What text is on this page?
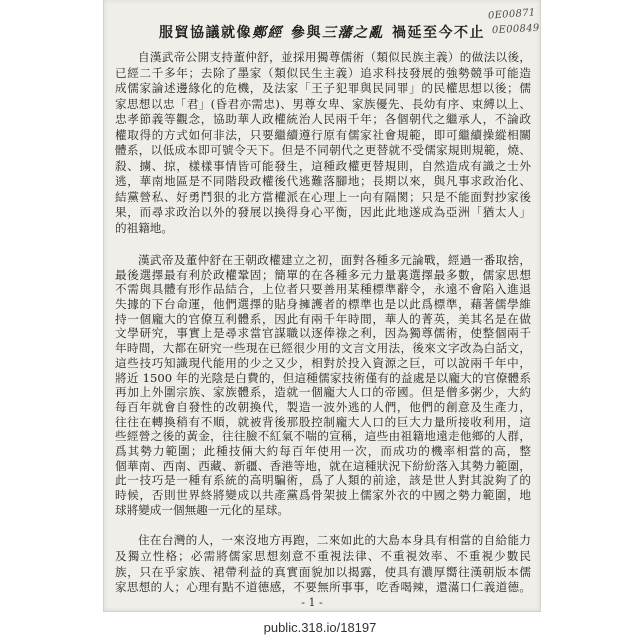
服貿協議就像鄭經 參與三藩之亂 禍延至今不止
0E00871
0E00849
自漢武帝公開支持董仲舒，並採用獨尊儒術（類似民族主義）的做法以後，
已經二千多年；去除了墨家（類似民生主義）追求科技發展的強勢競爭可能造
成儒家論述邊緣化的危機，及法家「王子犯罪與民同罪」的民權思想以後；儒
家思想以忠「君」(昏君亦需忠)、男尊女卑、家族優先、長幼有序、束縛以上、
忠孝節義等觀念，協助華人政權統治人民兩千年；各個朝代之繼承人，不論政
權取得的方式如何非法，只要繼續遵行原有儒家社會規範，即可繼續操縱相關
體系，以低成本即可號令天下。但是不同朝代之更替就不受儒家規則規範，燒、
殺、擄、掠，樣樣事情皆可能發生，這種政權更替規則，自然造成有識之士外
逃，華南地區是不同階段政權後代逃難落腳地；長期以來，與凡事求政治化、
結黨營私、好勇鬥狠的北方當權派在心理上一向有隔閡；只是不能面對抄家後
果，而尋求政治以外的發展以換得身心平衡，因此此地遂成為亞洲「猶太人」
的祖籍地。
漢武帝及董仲舒在王朝政權建立之初，面對各種多元論戰，經過一番取捨，
最後選擇最有利於政權鞏固；簡單的在各種多元力量裏選擇最多數，儒家思想
不需與具體有形作品結合，上位者只要善用某種標準辭令，永遠不會陷入進退
失據的下台命運，他們選擇的貼身擁護者的標準也是以此爲標準，藉著儒學維
持一個龐大的官僚互利體系，因此有兩千年時間，華人的菁英，美其名是在做
文學研究，事實上是尋求當官謀職以逐俸祿之利，因為獨尊儒術，使整個兩千
年時間，大都在研究一些現在已經很少用的文言文用法，後來文字改為白話文，
這些技巧知識現代能用的少之又少，相對於投入資源之巨，可以說兩千年中，
將近 1500 年的光陰是白費的，但這種儒家技術僅有的益處是以龐大的官僚體系
再加上外圍宗族、家族體系，造就一個龐大人口的帝國。但是僧多粥少，大約
每百年就會自發性的改朝換代，製造一波外逃的人們，他們的創意及生產力，
往往在轉換稍有不順，就被背後那股控制龐大人口的巨大力量所接收利用，這
些經營之後的黃金，往往臉不紅氣不喘的宣稱，這些由祖籍地遠走他鄉的人群，
爲其勢力範圍；此種技倆大約每百年使用一次，而成功的機率相當的高，整
個華南、西南、西藏、新疆、香港等地，就在這種狀況下紛紛落入其勢力範圍，
此一技巧是一種有系統的高明騙術，爲了人類的前途，該是世人對其說夠了的
時候，否則世界終將變成以共產黨爲骨架披上儒家外衣的中國之勢力範圍，地
球將變成一個無趣一元化的星球。
住在台灣的人，一來沒地方再跑，二來如此的大島本身具有相當的自給能力
及獨立性格；必需將儒家思想刻意不重視法律、不重視效率、不重視少數民
族，只在乎家族、裙帶利益的真實面貌加以揭露，使具有濃厚嚮往漢朝版本儒
家思想的人；心理有點不道德感，不要無所事事，吃香喝辣，還滿口仁義道德。
- 1 -
public.318.io/18197
